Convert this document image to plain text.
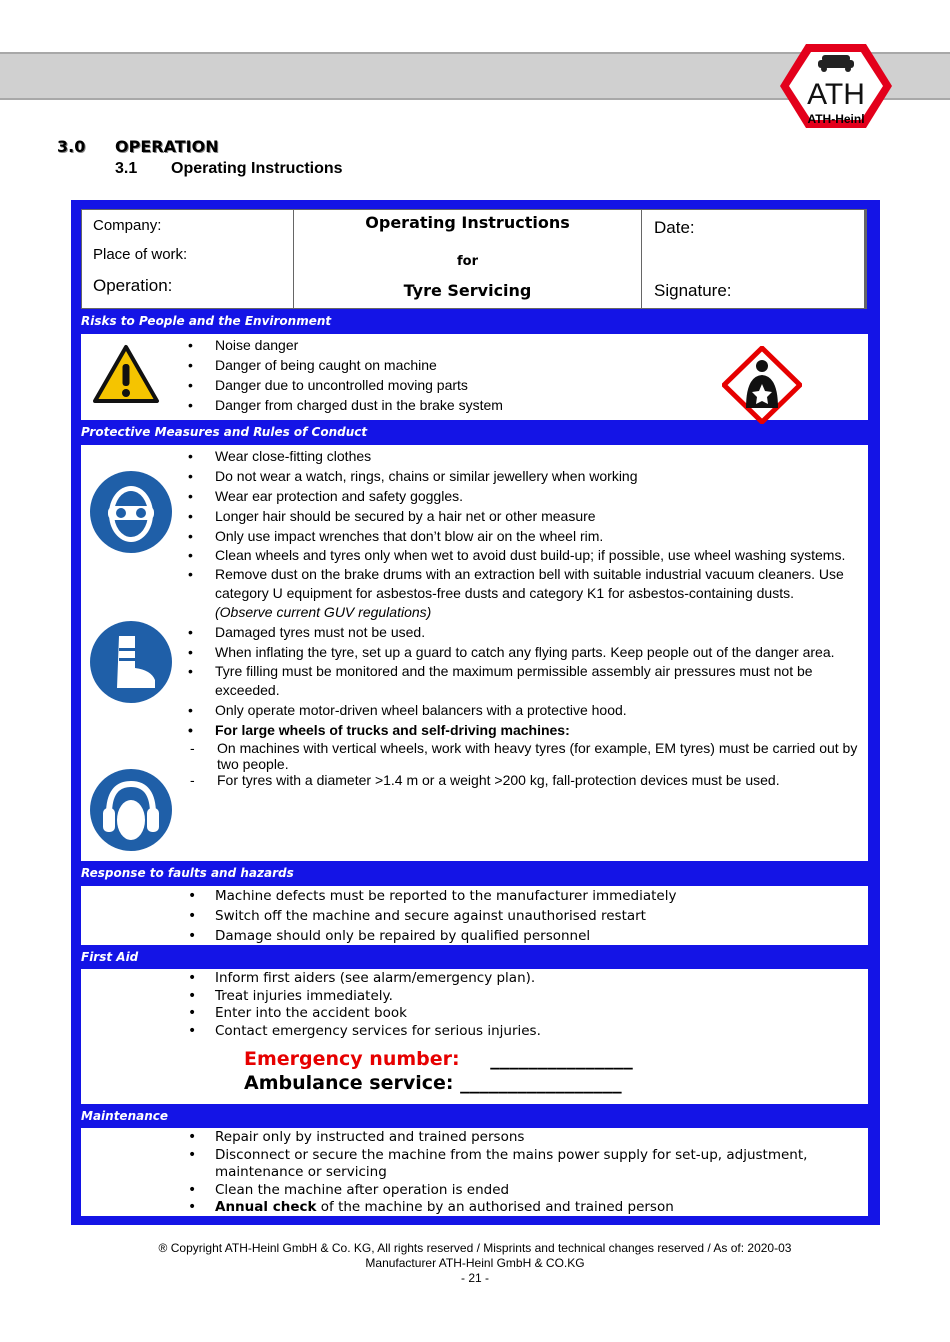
ATH
ATH-Heinl
3.0 OPERATION
3.1 Operating Instructions
Company:
Place of work:
Operation:
Operating Instructions
for
Tyre Servicing
Date:
Signature:
Risks to People and the Environment
• Noise danger
• Danger of being caught on machine
• Danger due to uncontrolled moving parts
• Danger from charged dust in the brake system
Protective Measures and Rules of Conduct
• Wear close-fitting clothes
• Do not wear a watch, rings, chains or similar jewellery when working
• Wear ear protection and safety goggles.
• Longer hair should be secured by a hair net or other measure
• Only use impact wrenches that don’t blow air on the wheel rim.
• Clean wheels and tyres only when wet to avoid dust build-up; if possible, use wheel washing systems.
• Remove dust on the brake drums with an extraction bell with suitable industrial vacuum cleaners. Use category U equipment for asbestos-free dusts and category K1 for asbestos-containing dusts.
(Observe current GUV regulations)
• Damaged tyres must not be used.
• When inflating the tyre, set up a guard to catch any flying parts. Keep people out of the danger area.
• Tyre filling must be monitored and the maximum permissible assembly air pressures must not be exceeded.
• Only operate motor-driven wheel balancers with a protective hood.
• For large wheels of trucks and self-driving machines:
- On machines with vertical wheels, work with heavy tyres (for example, EM tyres) must be carried out by two people.
- For tyres with a diameter >1.4 m or a weight >200 kg, fall-protection devices must be used.
Response to faults and hazards
• Machine defects must be reported to the manufacturer immediately
• Switch off the machine and secure against unauthorised restart
• Damage should only be repaired by qualified personnel
First Aid
• Inform first aiders (see alarm/emergency plan).
• Treat injuries immediately.
• Enter into the accident book
• Contact emergency services for serious injuries.
Emergency number: _______________
Ambulance service: _________________
Maintenance
• Repair only by instructed and trained persons
• Disconnect or secure the machine from the mains power supply for set-up, adjustment, maintenance or servicing
• Clean the machine after operation is ended
• Annual check of the machine by an authorised and trained person
® Copyright ATH-Heinl GmbH & Co. KG, All rights reserved / Misprints and technical changes reserved / As of: 2020-03
Manufacturer ATH-Heinl GmbH & CO.KG
- 21 -
